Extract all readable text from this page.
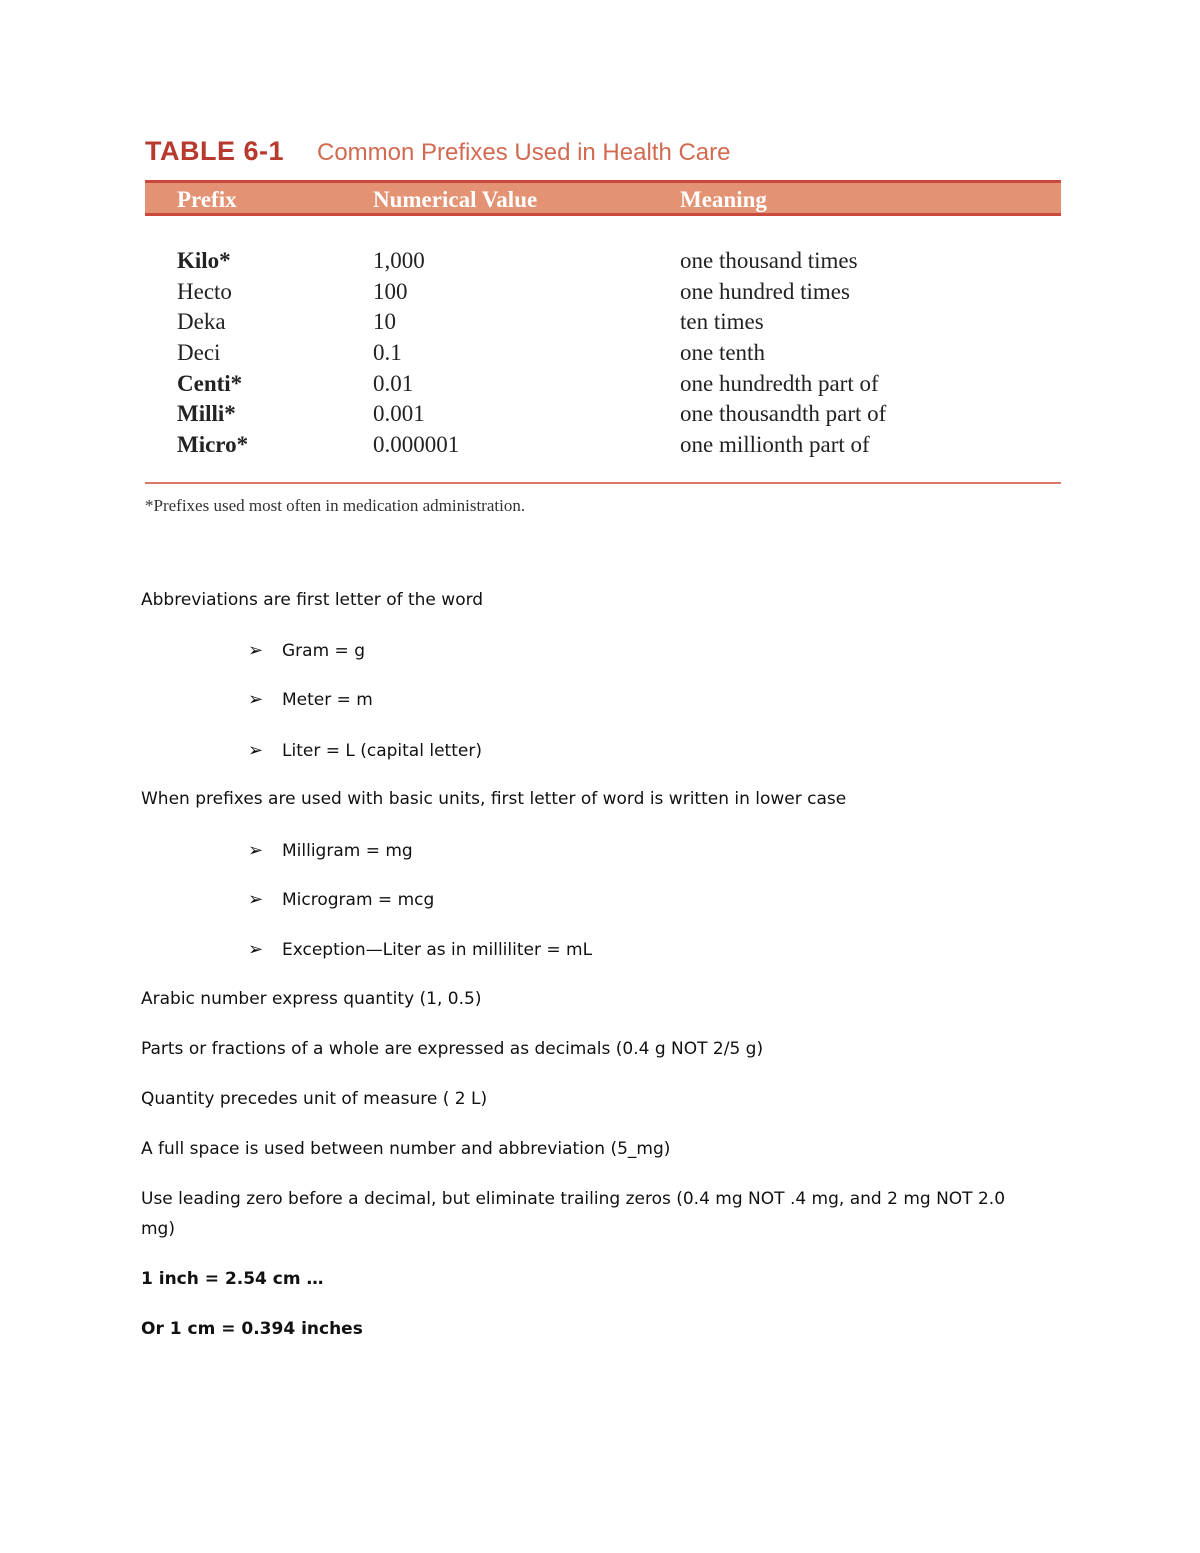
TABLE 6-1 Common Prefixes Used in Health Care
Prefix	Numerical Value	Meaning
Kilo*	1,000	one thousand times
Hecto	100	one hundred times
Deka	10	ten times
Deci	0.1	one tenth
Centi*	0.01	one hundredth part of
Milli*	0.001	one thousandth part of
Micro*	0.000001	one millionth part of
*Prefixes used most often in medication administration.
Abbreviations are first letter of the word
➢ Gram = g
➢ Meter = m
➢ Liter = L (capital letter)
When prefixes are used with basic units, first letter of word is written in lower case
➢ Milligram = mg
➢ Microgram = mcg
➢ Exception—Liter as in milliliter = mL
Arabic number express quantity (1, 0.5)
Parts or fractions of a whole are expressed as decimals (0.4 g NOT 2/5 g)
Quantity precedes unit of measure ( 2 L)
A full space is used between number and abbreviation (5_mg)
Use leading zero before a decimal, but eliminate trailing zeros (0.4 mg NOT .4 mg, and 2 mg NOT 2.0
mg)
1 inch = 2.54 cm …
Or 1 cm = 0.394 inches
